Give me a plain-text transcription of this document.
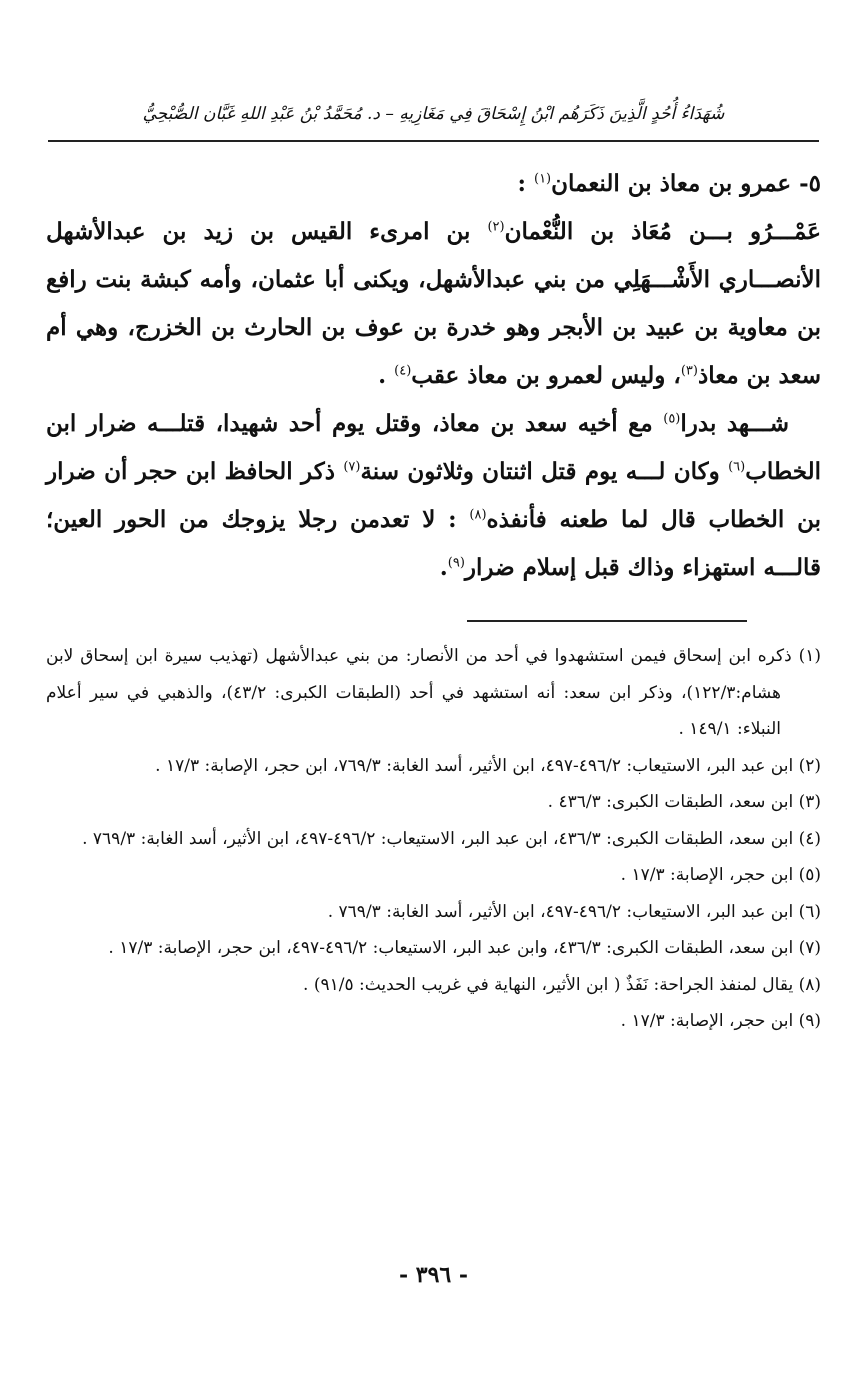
شُهَدَاءُ أُحُدٍ الَّذِينَ ذَكَرَهُم ابْنُ إِسْحَاقَ فِي مَغَازِيهِ – د. مُحَمَّدُ بْنُ عَبْدِ اللهِ غَبَّان الصُّبْحِيُّ

٥- عمرو بن معاذ بن النعمان$^{(١)}$ :

عَمْـــرُو بـــن مُعَاذ بن النُّعْمان$^{(٢)}$ بن امرىء القيس بن زيد بن عبدالأشهل الأنصـــاري الأَشْـــهَلِي من بني عبدالأشهل، ويكنى أبا عثمان، وأمه كبشة بنت رافع بن معاوية بن عبيد بن الأبجر وهو خدرة بن عوف بن الحارث بن الخزرج، وهي أم سعد بن معاذ$^{(٣)}$، وليس لعمرو بن معاذ عقب$^{(٤)}$ .

شـــهد بدرا$^{(٥)}$ مع أخيه سعد بن معاذ، وقتل يوم أحد شهيدا، قتلـــه ضرار ابن الخطاب$^{(٦)}$ وكان لـــه يوم قتل اثنتان وثلاثون سنة$^{(٧)}$ ذكر الحافظ ابن حجر أن ضرار بن الخطاب قال لما طعنه فأنفذه$^{(٨)}$ : لا تعدمن رجلا يزوجك من الحور العين؛ قالـــه استهزاء وذاك قبل إسلام ضرار$^{(٩)}$.

(١) ذكره ابن إسحاق فيمن استشهدوا في أحد من الأنصار: من بني عبدالأشهل (تهذيب سيرة ابن إسحاق لابن هشام:١٢٢/٣)، وذكر ابن سعد: أنه استشهد في أحد (الطبقات الكبرى: ٤٣/٢)، والذهبي في سير أعلام النبلاء: ١٤٩/١ .

(٢) ابن عبد البر، الاستيعاب: ٤٩٦/٢-٤٩٧، ابن الأثير، أسد الغابة: ٧٦٩/٣، ابن حجر، الإصابة: ١٧/٣ .

(٣) ابن سعد، الطبقات الكبرى: ٤٣٦/٣ .

(٤) ابن سعد، الطبقات الكبرى: ٤٣٦/٣، ابن عبد البر، الاستيعاب: ٤٩٦/٢-٤٩٧، ابن الأثير، أسد الغابة: ٧٦٩/٣ .

(٥) ابن حجر، الإصابة: ١٧/٣ .

(٦) ابن عبد البر، الاستيعاب: ٤٩٦/٢-٤٩٧، ابن الأثير، أسد الغابة: ٧٦٩/٣ .

(٧) ابن سعد، الطبقات الكبرى: ٤٣٦/٣، وابن عبد البر، الاستيعاب: ٤٩٦/٢-٤٩٧، ابن حجر، الإصابة: ١٧/٣ .

(٨) يقال لمنفذ الجراحة: نَفَذٌ ( ابن الأثير، النهاية في غريب الحديث: ٩١/٥) .

(٩) ابن حجر، الإصابة: ١٧/٣ .

- ٣٩٦ -
